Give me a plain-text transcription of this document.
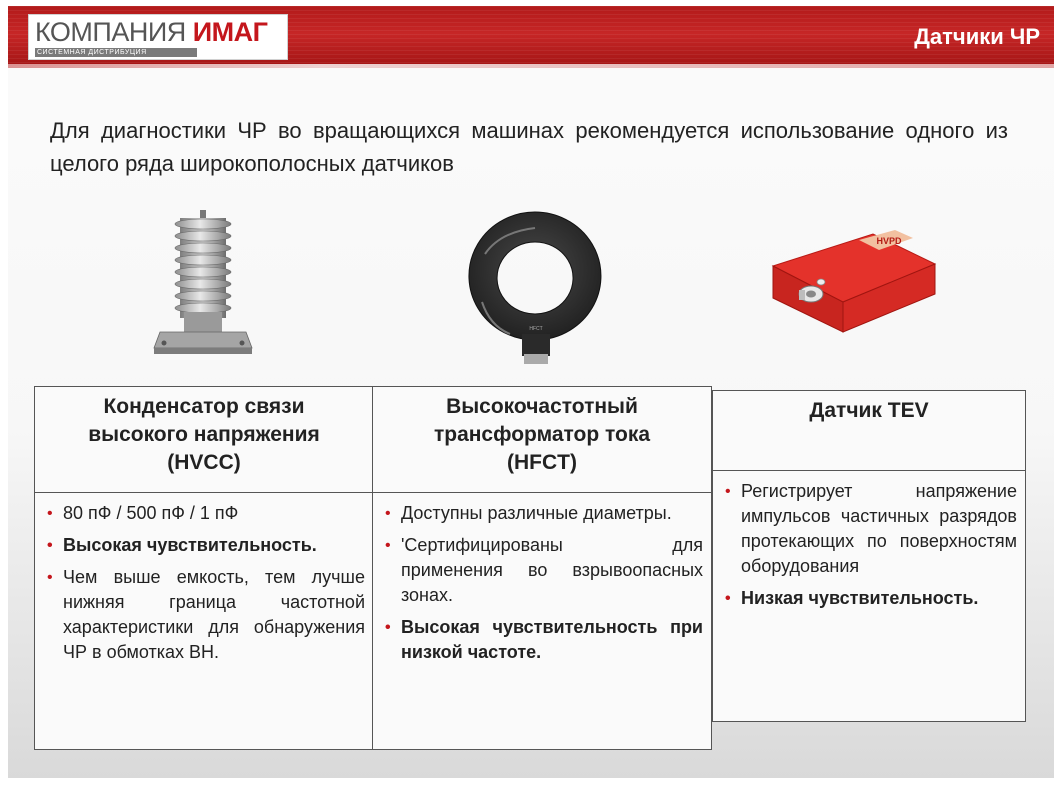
КОМПАНИЯ ИМАГ
СИСТЕМНАЯ ДИСТРИБУЦИЯ
Датчики ЧР
Для диагностики ЧР во вращающихся машинах рекомендуется использование одного из целого ряда широкополосных датчиков
HFCT
HVPD
Конденсатор связи
высокого напряжения
(HVCC)
• 80 пФ / 500 пФ / 1 пФ
• Высокая чувствительность.
• Чем выше емкость, тем лучше нижняя граница частотной характеристики для обнаружения ЧР в обмотках ВН.
Высокочастотный
трансформатор тока
(HFCT)
• Доступны различные диаметры.
• 'Сертифицированы для применения во взрывоопасных зонах.
• Высокая чувствительность при низкой частоте.
Датчик TEV
• Регистрирует напряжение импульсов частичных разрядов протекающих по поверхностям оборудования
• Низкая чувствительность.
